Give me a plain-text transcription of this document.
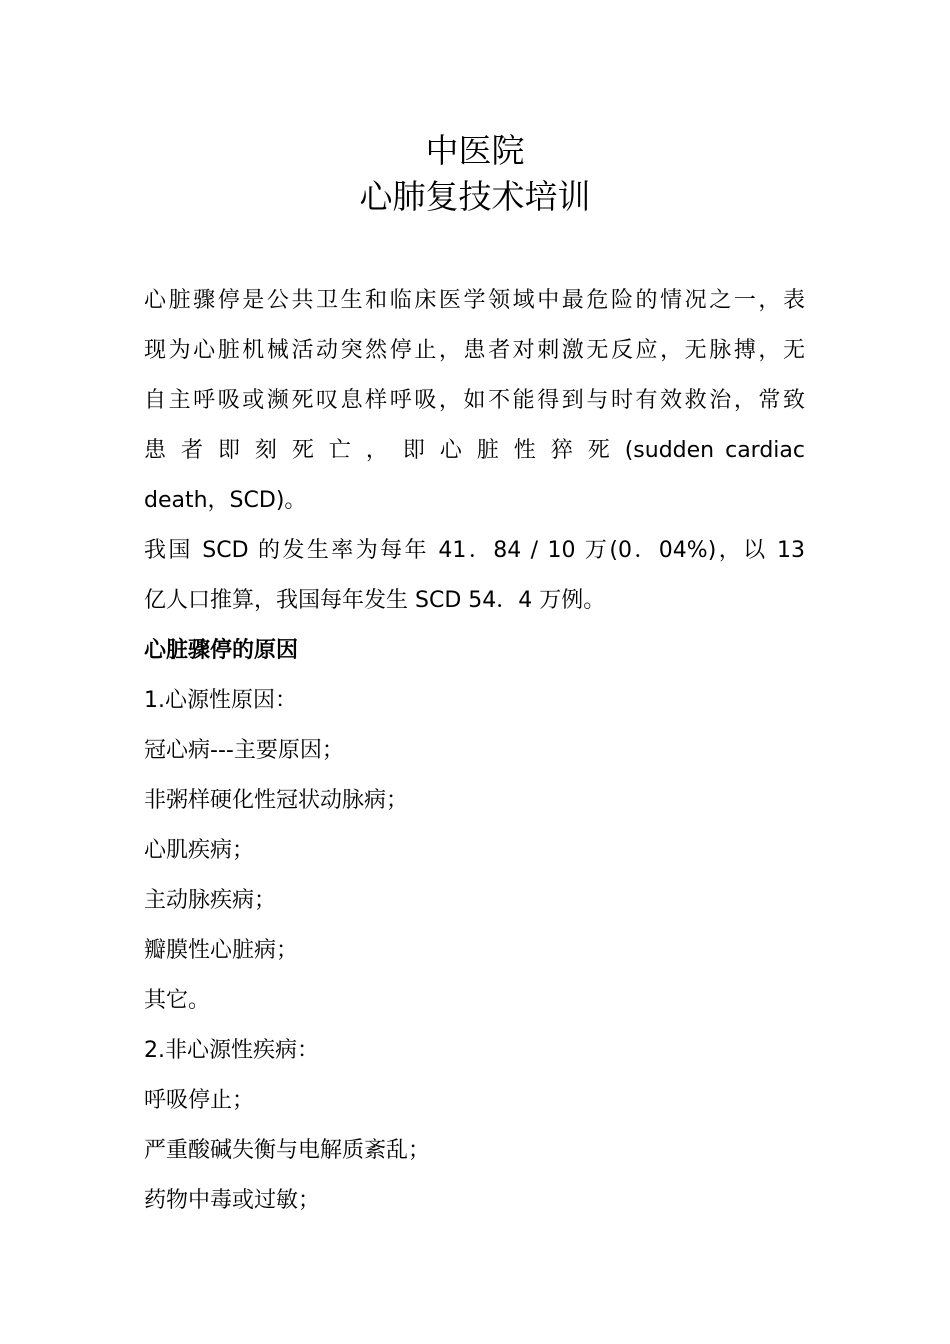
中医院
心肺复技术培训
心脏骤停是公共卫生和临床医学领域中最危险的情况之一，表
现为心脏机械活动突然停止，患者对刺激无反应，无脉搏，无
自主呼吸或濒死叹息样呼吸，如不能得到与时有效救治，常致
患 者 即 刻 死 亡 ， 即 心 脏 性 猝 死 (sudden cardiac
death，SCD)。
我国 SCD 的发生率为每年 41．84 / 10 万(0．04%)，以 13
亿人口推算，我国每年发生 SCD 54．4 万例。
心脏骤停的原因
1.心源性原因：
冠心病---主要原因；
非粥样硬化性冠状动脉病；
心肌疾病；
主动脉疾病；
瓣膜性心脏病；
其它。
2.非心源性疾病：
呼吸停止；
严重酸碱失衡与电解质紊乱；
药物中毒或过敏；
